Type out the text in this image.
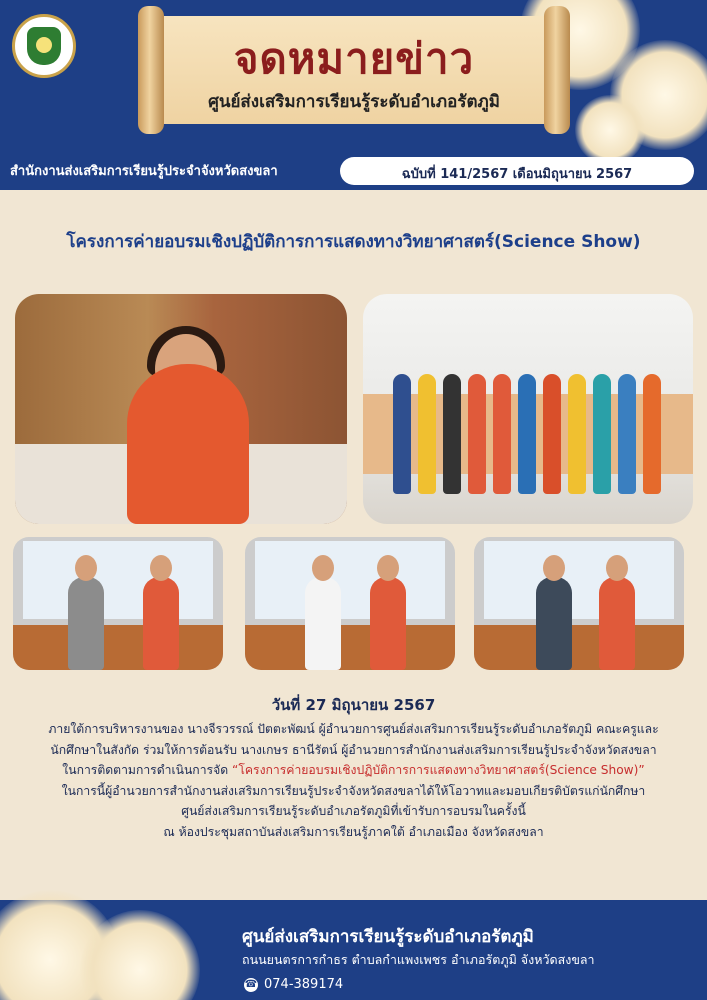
จดหมายข่าว
ศูนย์ส่งเสริมการเรียนรู้ระดับอำเภอรัตภูมิ
สำนักงานส่งเสริมการเรียนรู้ประจำจังหวัดสงขลา	ฉบับที่ 141/2567 เดือนมิถุนายน 2567
โครงการค่ายอบรมเชิงปฏิบัติการการแสดงทางวิทยาศาสตร์(Science Show)
วันที่ 27 มิถุนายน 2567
ภายใต้การบริหารงานของ นางจีรวรรณ์ ปัตตะพัฒน์ ผู้อำนวยการศูนย์ส่งเสริมการเรียนรู้ระดับอำเภอรัตภูมิ คณะครูและ
นักศึกษาในสังกัด ร่วมให้การต้อนรับ นางเกษร ธานีรัตน์ ผู้อำนวยการสำนักงานส่งเสริมการเรียนรู้ประจำจังหวัดสงขลา
ในการติดตามการดำเนินการจัด “โครงการค่ายอบรมเชิงปฏิบัติการการแสดงทางวิทยาศาสตร์(Science Show)”
ในการนี้ผู้อำนวยการสำนักงานส่งเสริมการเรียนรู้ประจำจังหวัดสงขลาได้ให้โอวาทและมอบเกียรติบัตรแก่นักศึกษา
ศูนย์ส่งเสริมการเรียนรู้ระดับอำเภอรัตภูมิที่เข้ารับการอบรมในครั้งนี้
ณ ห้องประชุมสถาบันส่งเสริมการเรียนรู้ภาคใต้ อำเภอเมือง จังหวัดสงขลา
ศูนย์ส่งเสริมการเรียนรู้ระดับอำเภอรัตภูมิ
ถนนยนตรการกำธร ตำบลกำแพงเพชร อำเภอรัตภูมิ จังหวัดสงขลา
☎ 074-389174
